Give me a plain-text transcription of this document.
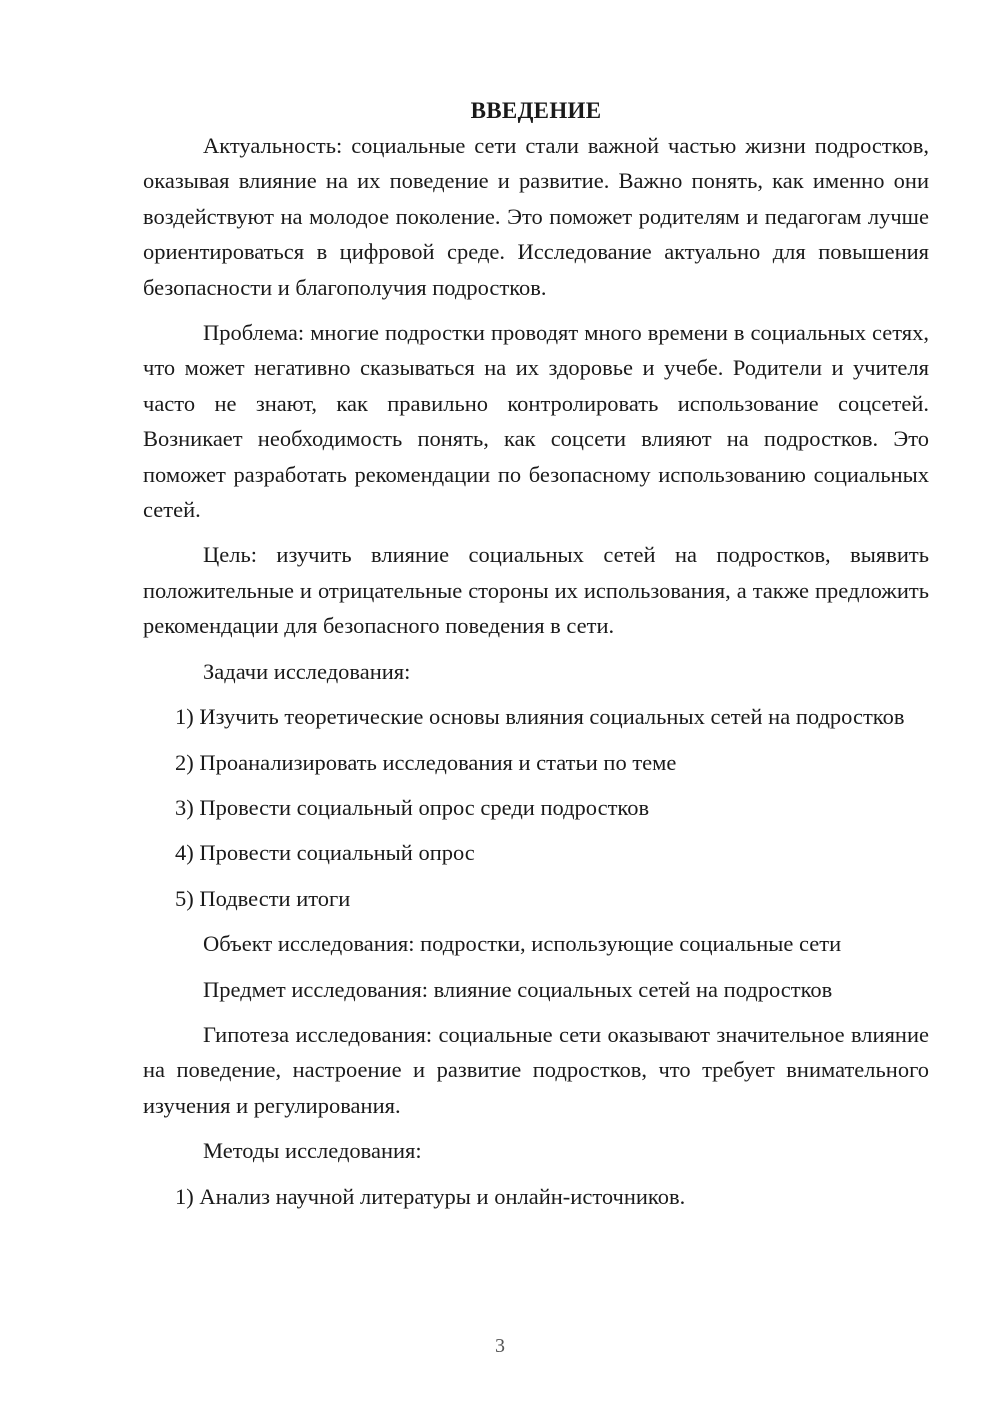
ВВЕДЕНИЕ

Актуальность: социальные сети стали важной частью жизни подростков, оказывая влияние на их поведение и развитие. Важно понять, как именно они воздействуют на молодое поколение. Это поможет родителям и педагогам лучше ориентироваться в цифровой среде. Исследование актуально для повышения безопасности и благополучия подростков.

Проблема: многие подростки проводят много времени в социальных сетях, что может негативно сказываться на их здоровье и учебе. Родители и учителя часто не знают, как правильно контролировать использование соцсетей. Возникает необходимость понять, как соцсети влияют на подростков. Это поможет разработать рекомендации по безопасному использованию социальных сетей.

Цель: изучить влияние социальных сетей на подростков, выявить положительные и отрицательные стороны их использования, а также предложить рекомендации для безопасного поведения в сети.

Задачи исследования:

1) Изучить теоретические основы влияния социальных сетей на подростков

2) Проанализировать исследования и статьи по теме
3) Провести социальный опрос среди подростков
4) Провести социальный опрос
5) Подвести итоги
Объект исследования: подростки, использующие социальные сети
Предмет исследования: влияние социальных сетей на подростков

Гипотеза исследования: социальные сети оказывают значительное влияние на поведение, настроение и развитие подростков, что требует внимательного изучения и регулирования.

Методы исследования:
1) Анализ научной литературы и онлайн-источников.
3
